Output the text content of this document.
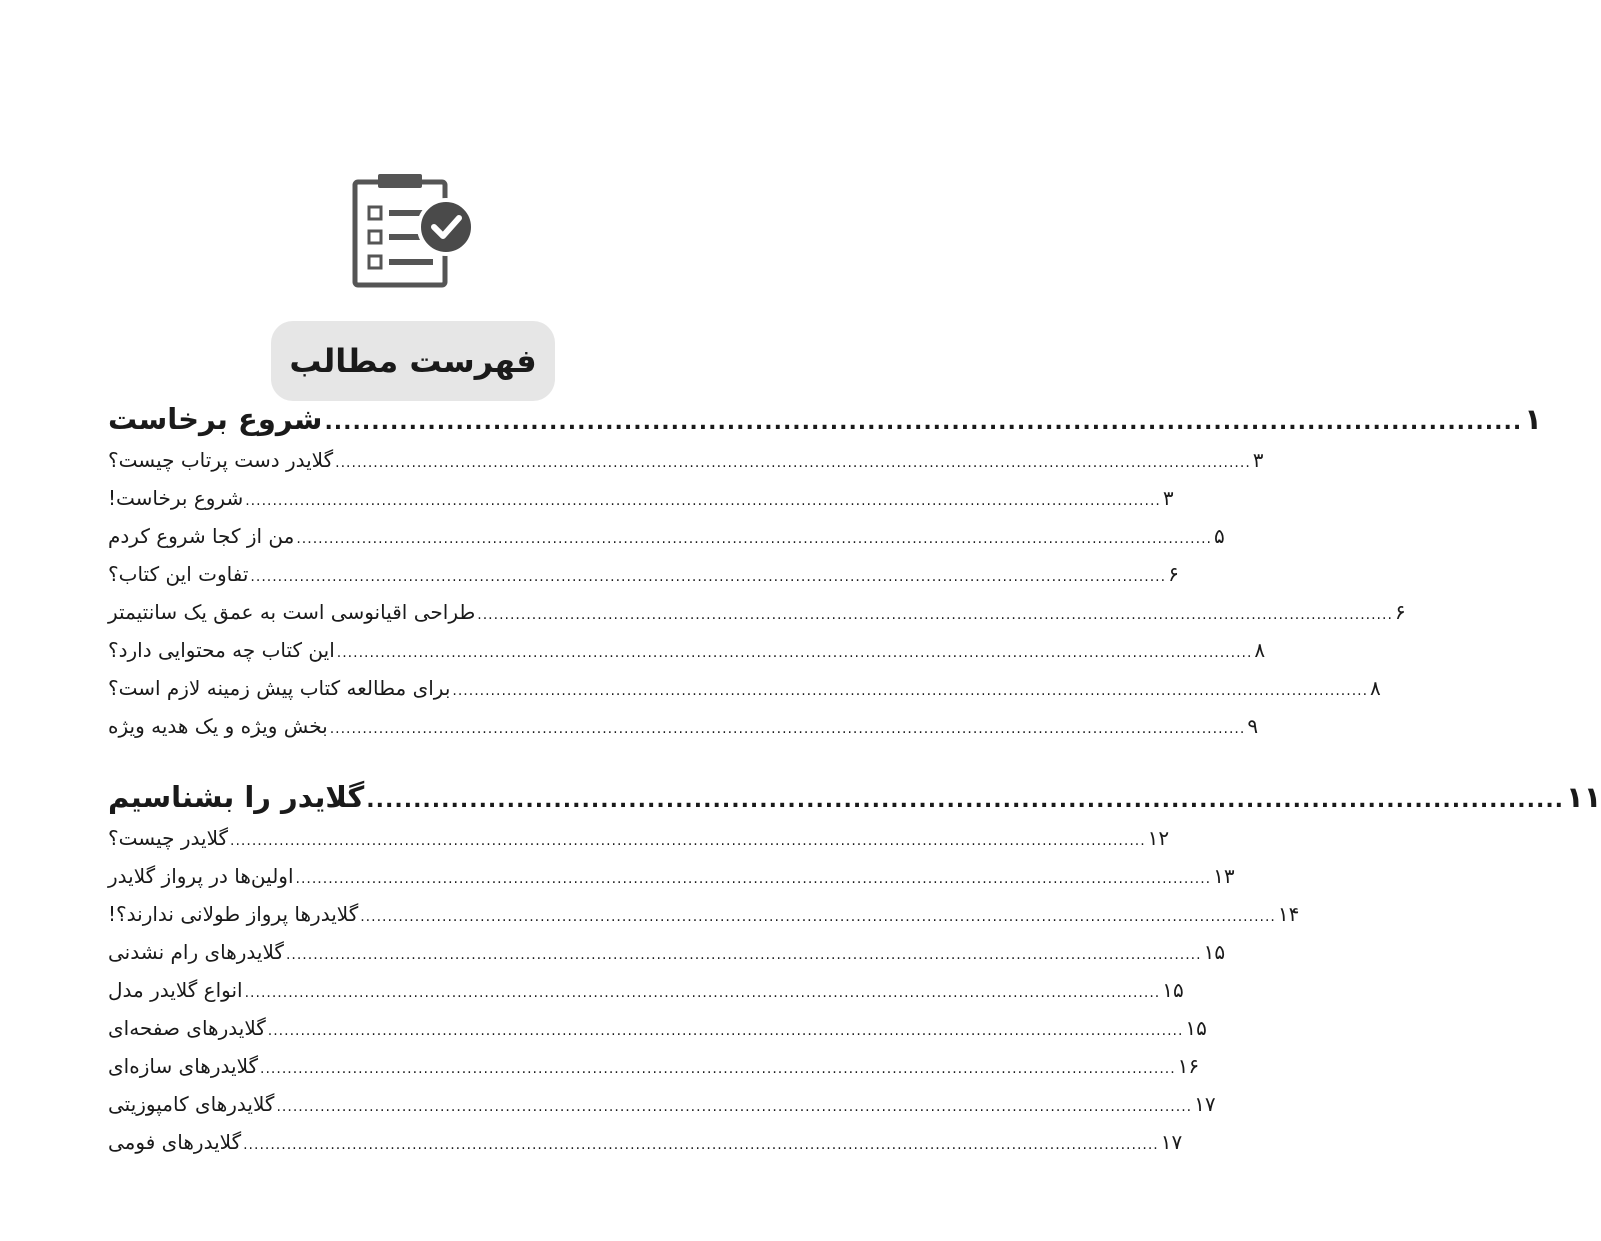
فهرست مطالب
شروع برخاست ................................................................................................................................ ۱
گلایدر دست پرتاب چیست؟ ........................................................................................................................................................................ ۳
شروع برخاست! ........................................................................................................................................................................ ۳
من از کجا شروع کردم ........................................................................................................................................................................ ۵
تفاوت این کتاب؟ ........................................................................................................................................................................ ۶
طراحی اقیانوسی است به عمق یک سانتیمتر ........................................................................................................................................................................ ۶
این کتاب چه محتوایی دارد؟ ........................................................................................................................................................................ ۸
برای مطالعه کتاب پیش زمینه لازم است؟ ........................................................................................................................................................................ ۸
بخش ویژه و یک هدیه ویژه ........................................................................................................................................................................ ۹
گلایدر را بشناسیم ................................................................................................................................ ۱۱
گلایدر چیست؟ ........................................................................................................................................................................ ۱۲
اولین‌ها در پرواز گلایدر ........................................................................................................................................................................ ۱۳
گلایدرها پرواز طولانی ندارند؟! ........................................................................................................................................................................ ۱۴
گلایدرهای رام نشدنی ........................................................................................................................................................................ ۱۵
انواع گلایدر مدل ........................................................................................................................................................................ ۱۵
گلایدرهای صفحه‌ای ........................................................................................................................................................................ ۱۵
گلایدرهای سازه‌ای ........................................................................................................................................................................ ۱۶
گلایدرهای کامپوزیتی ........................................................................................................................................................................ ۱۷
گلایدرهای فومی ........................................................................................................................................................................ ۱۷
